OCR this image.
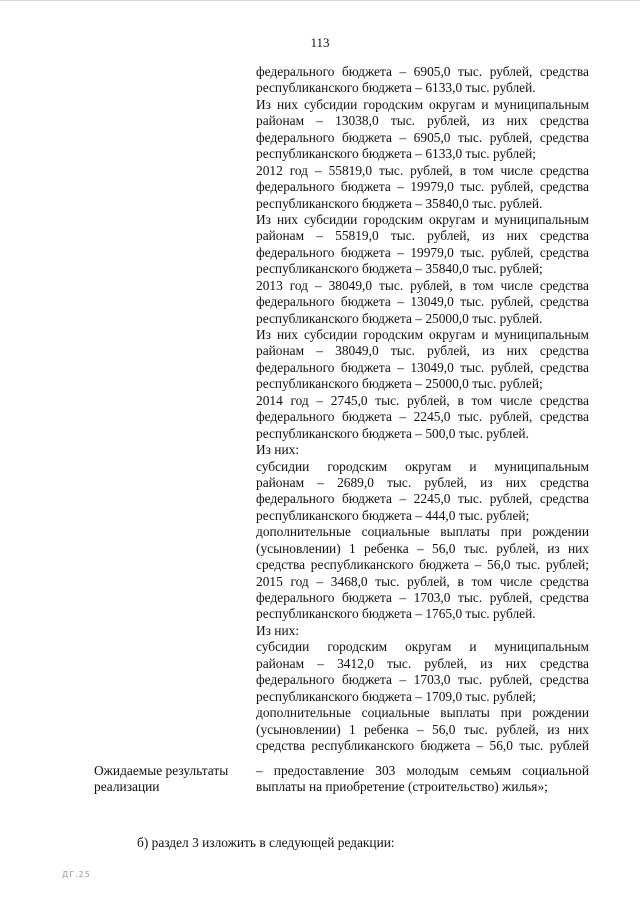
113
федерального бюджета – 6905,0 тыс. рублей, средства
республиканского бюджета – 6133,0 тыс. рублей.
Из них субсидии городским округам и муниципальным
районам – 13038,0 тыс. рублей, из них средства
федерального бюджета – 6905,0 тыс. рублей, средства
республиканского бюджета – 6133,0 тыс. рублей;
2012 год – 55819,0 тыс. рублей, в том числе средства
федерального бюджета – 19979,0 тыс. рублей, средства
республиканского бюджета – 35840,0 тыс. рублей.
Из них субсидии городским округам и муниципальным
районам – 55819,0 тыс. рублей, из них средства
федерального бюджета – 19979,0 тыс. рублей, средства
республиканского бюджета – 35840,0 тыс. рублей;
2013 год – 38049,0 тыс. рублей, в том числе средства
федерального бюджета – 13049,0 тыс. рублей, средства
республиканского бюджета – 25000,0 тыс. рублей.
Из них субсидии городским округам и муниципальным
районам – 38049,0 тыс. рублей, из них средства
федерального бюджета – 13049,0 тыс. рублей, средства
республиканского бюджета – 25000,0 тыс. рублей;
2014 год – 2745,0 тыс. рублей, в том числе средства
федерального бюджета – 2245,0 тыс. рублей, средства
республиканского бюджета – 500,0 тыс. рублей.
Из них:
субсидии городским округам и муниципальным
районам – 2689,0 тыс. рублей, из них средства
федерального бюджета – 2245,0 тыс. рублей, средства
республиканского бюджета – 444,0 тыс. рублей;
дополнительные социальные выплаты при рождении
(усыновлении) 1 ребенка – 56,0 тыс. рублей, из них
средства республиканского бюджета – 56,0 тыс. рублей;
2015 год – 3468,0 тыс. рублей, в том числе средства
федерального бюджета – 1703,0 тыс. рублей, средства
республиканского бюджета – 1765,0 тыс. рублей.
Из них:
субсидии городским округам и муниципальным
районам – 3412,0 тыс. рублей, из них средства
федерального бюджета – 1703,0 тыс. рублей, средства
республиканского бюджета – 1709,0 тыс. рублей;
дополнительные социальные выплаты при рождении
(усыновлении) 1 ребенка – 56,0 тыс. рублей, из них
средства республиканского бюджета – 56,0 тыс. рублей
Ожидаемые результаты
реализации
– предоставление 303 молодым семьям социальной
выплаты на приобретение (строительство) жилья»;
б) раздел 3 изложить в следующей редакции:
ДГ.25
